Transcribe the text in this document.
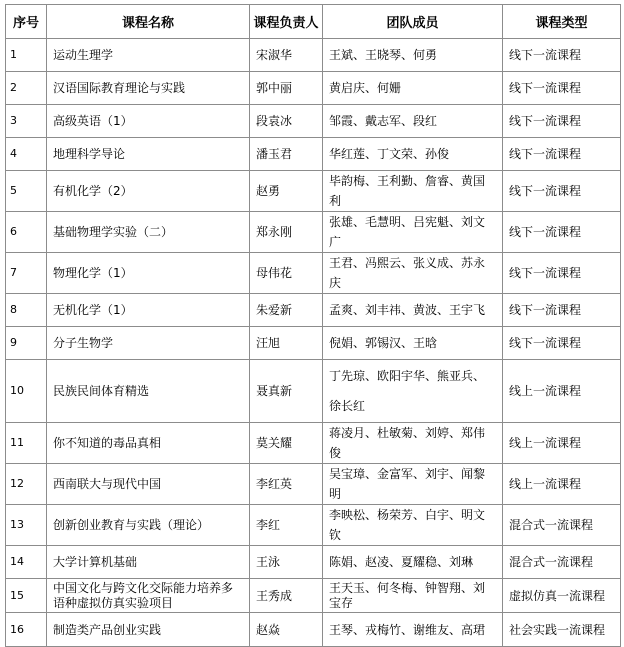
序号	课程名称	课程负责人	团队成员	课程类型
1	运动生理学	宋淑华	王斌、王晓琴、何勇	线下一流课程
2	汉语国际教育理论与实践	郭中丽	黄启庆、何姗	线下一流课程
3	高级英语（1）	段袁冰	邹霞、戴志军、段红	线下一流课程
4	地理科学导论	潘玉君	华红莲、丁文荣、孙俊	线下一流课程
5	有机化学（2）	赵勇	毕韵梅、王利勤、詹睿、黄国利	线下一流课程
6	基础物理学实验（二）	郑永刚	张雄、毛慧明、吕宪魁、刘文广	线下一流课程
7	物理化学（1）	母伟花	王君、冯熙云、张义成、苏永庆	线下一流课程
8	无机化学（1）	朱爱新	孟爽、刘丰祎、黄波、王宇飞	线下一流课程
9	分子生物学	汪旭	倪娟、郭锡汉、王晗	线下一流课程
10	民族民间体育精选	聂真新	丁先琼、欧阳宇华、熊亚兵、徐长红	线上一流课程
11	你不知道的毒品真相	莫关耀	蒋凌月、杜敏菊、刘婷、郑伟俊	线上一流课程
12	西南联大与现代中国	李红英	吴宝璋、金富军、刘宇、闻黎明	线上一流课程
13	创新创业教育与实践（理论）	李红	李映松、杨荣芳、白宇、明文钦	混合式一流课程
14	大学计算机基础	王泳	陈娟、赵凌、夏耀稳、刘琳	混合式一流课程
15	中国文化与跨文化交际能力培养多语种虚拟仿真实验项目	王秀成	王天玉、何冬梅、钟智翔、刘宝存	虚拟仿真一流课程
16	制造类产品创业实践	赵焱	王琴、戎梅竹、谢维友、高珺	社会实践一流课程
